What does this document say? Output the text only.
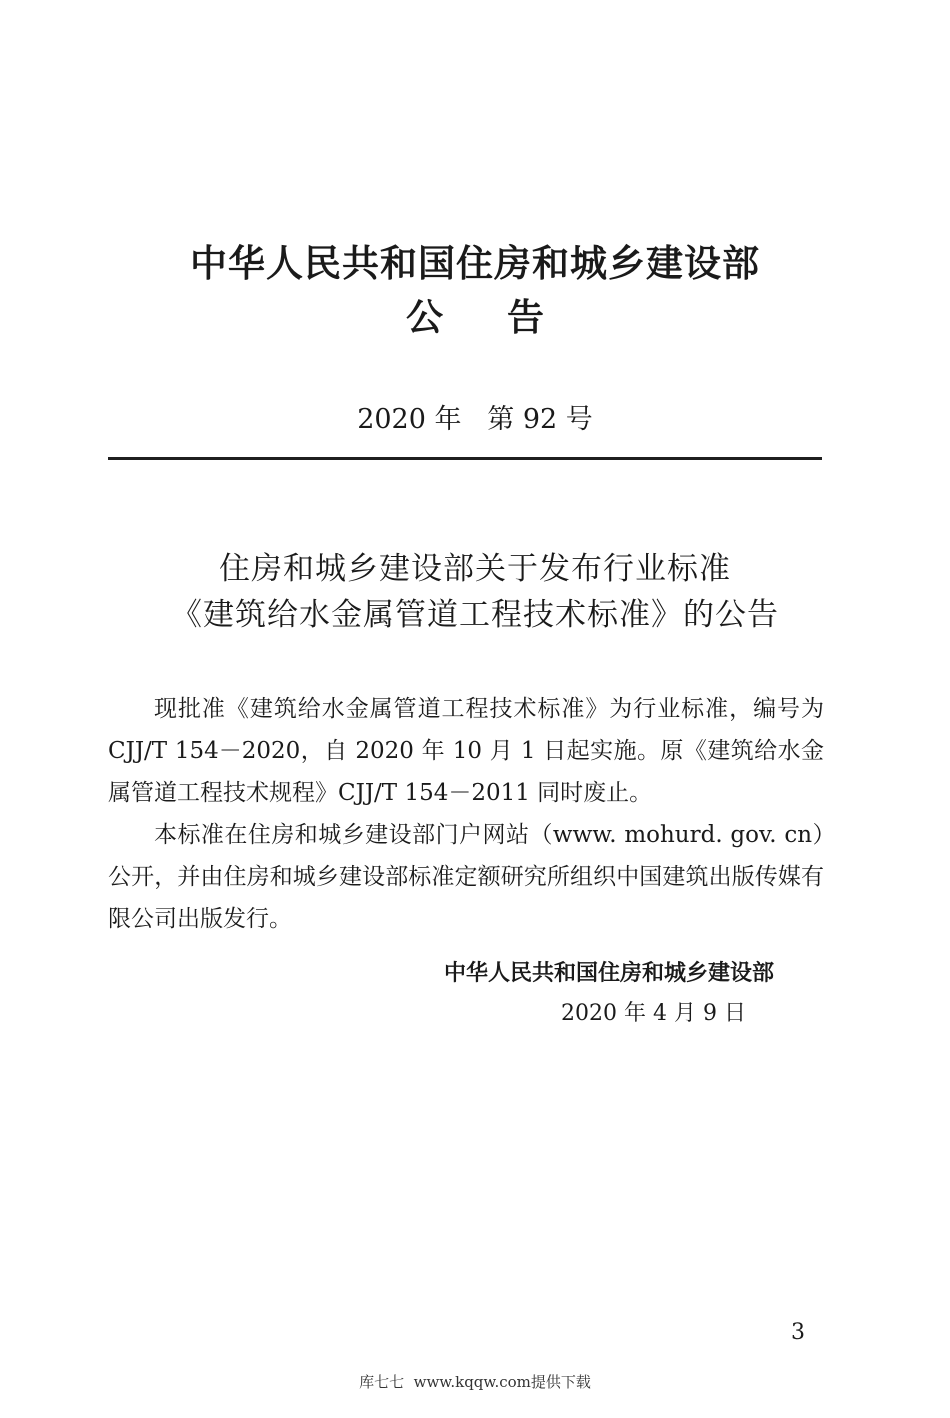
中华人民共和国住房和城乡建设部
公 告
2020 年   第 92 号
住房和城乡建设部关于发布行业标准
《建筑给水金属管道工程技术标准》的公告

现批准《建筑给水金属管道工程技术标准》为行业标准，编号为 CJJ/T 154－2020，自 2020 年 10 月 1 日起实施。原《建筑给水金属管道工程技术规程》CJJ/T 154－2011 同时废止。

本标准在住房和城乡建设部门户网站（www. mohurd. gov. cn）公开，并由住房和城乡建设部标准定额研究所组织中国建筑出版传媒有限公司出版发行。

中华人民共和国住房和城乡建设部
2020 年 4 月 9 日
3
库七七  www.kqqw.com提供下载
